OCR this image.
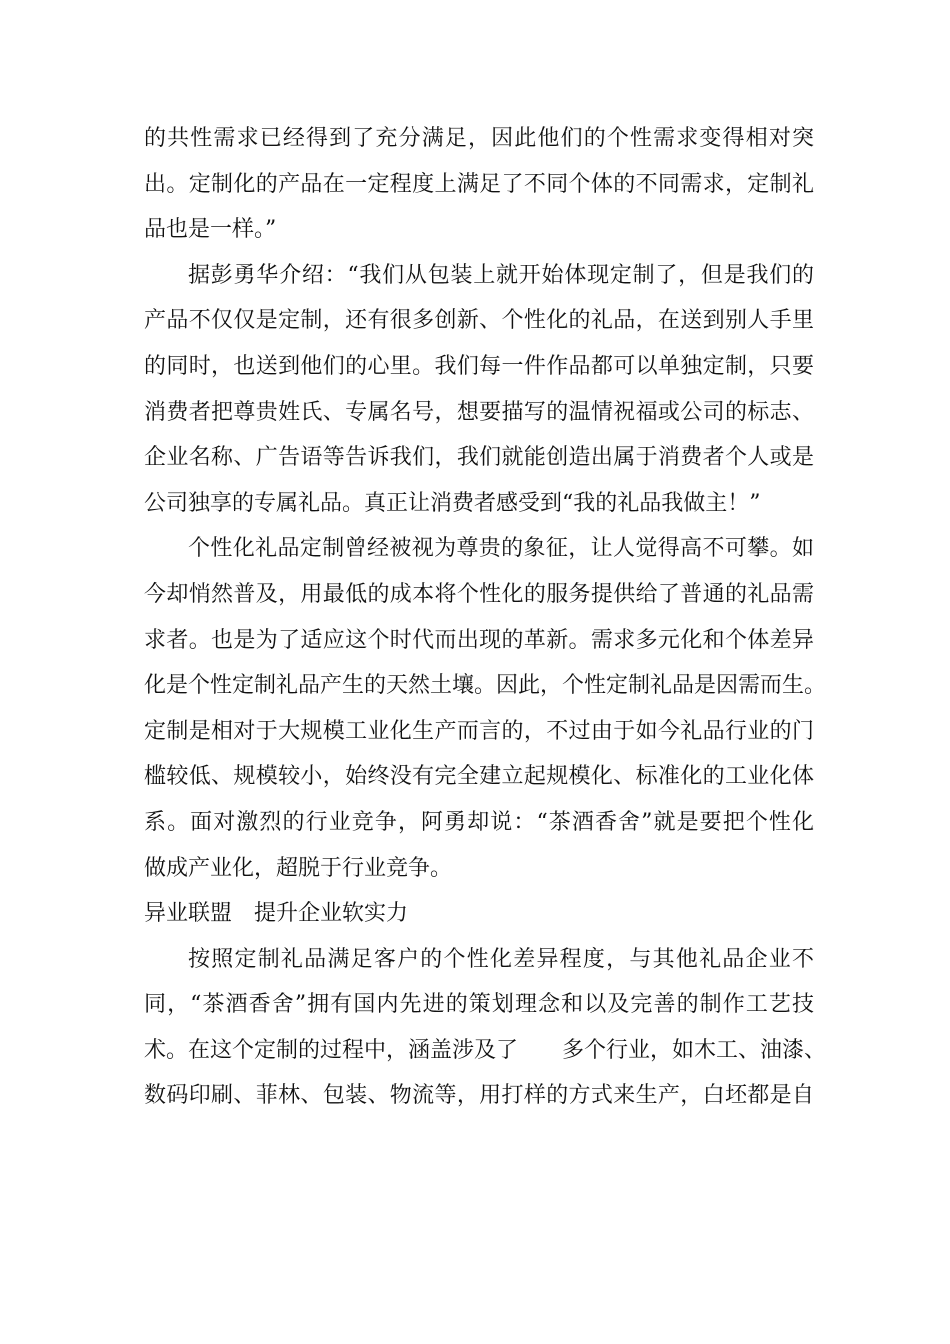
的共性需求已经得到了充分满足，因此他们的个性需求变得相对突
出。定制化的产品在一定程度上满足了不同个体的不同需求，定制礼
品也是一样。”
据彭勇华介绍：“我们从包装上就开始体现定制了，但是我们的
产品不仅仅是定制，还有很多创新、个性化的礼品，在送到别人手里
的同时，也送到他们的心里。我们每一件作品都可以单独定制，只要
消费者把尊贵姓氏、专属名号，想要描写的温情祝福或公司的标志、
企业名称、广告语等告诉我们，我们就能创造出属于消费者个人或是
公司独享的专属礼品。真正让消费者感受到“我的礼品我做主！”
个性化礼品定制曾经被视为尊贵的象征，让人觉得高不可攀。如
今却悄然普及，用最低的成本将个性化的服务提供给了普通的礼品需
求者。也是为了适应这个时代而出现的革新。需求多元化和个体差异
化是个性定制礼品产生的天然土壤。因此，个性定制礼品是因需而生。
定制是相对于大规模工业化生产而言的，不过由于如今礼品行业的门
槛较低、规模较小，始终没有完全建立起规模化、标准化的工业化体
系。面对激烈的行业竞争，阿勇却说：“茶酒香舍”就是要把个性化
做成产业化，超脱于行业竞争。
异业联盟　提升企业软实力
按照定制礼品满足客户的个性化差异程度，与其他礼品企业不
同，“茶酒香舍”拥有国内先进的策划理念和以及完善的制作工艺技
术。在这个定制的过程中，涵盖涉及了　　多个行业，如木工、油漆、
数码印刷、菲林、包装、物流等，用打样的方式来生产，白坯都是自
